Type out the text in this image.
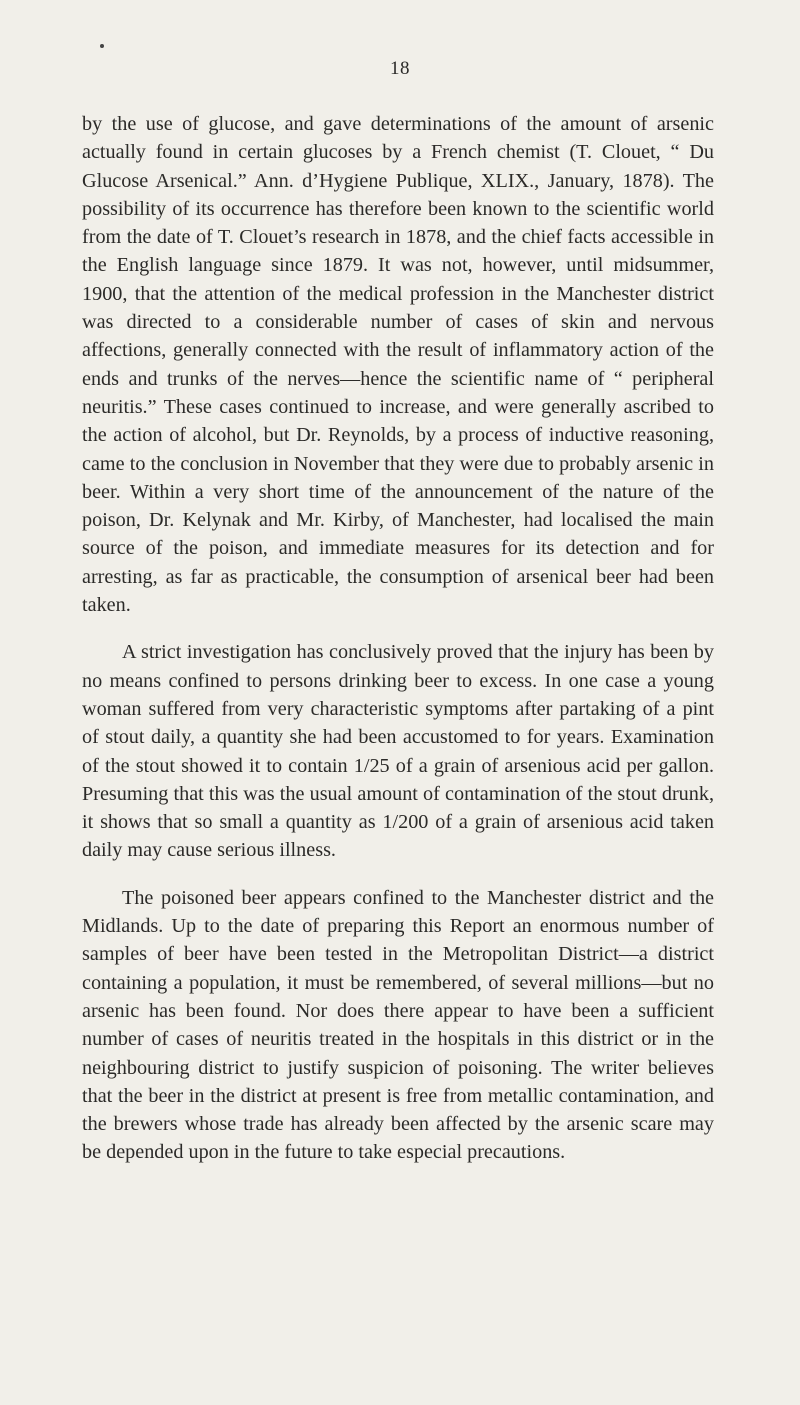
18

by the use of glucose, and gave determinations of the amount of arsenic actually found in certain glucoses by a French chemist (T. Clouet, “ Du Glucose Arsenical.” Ann. d’Hygiene Publique, XLIX., January, 1878). The possibility of its occurrence has therefore been known to the scientific world from the date of T. Clouet’s research in 1878, and the chief facts accessible in the English language since 1879. It was not, however, until midsummer, 1900, that the attention of the medical profession in the Manchester district was directed to a considerable number of cases of skin and nervous affections, generally connected with the result of inflammatory action of the ends and trunks of the nerves—hence the scientific name of “ peripheral neuritis.” These cases continued to increase, and were generally ascribed to the action of alcohol, but Dr. Reynolds, by a process of inductive reasoning, came to the conclusion in November that they were due to probably arsenic in beer. Within a very short time of the announcement of the nature of the poison, Dr. Kelynak and Mr. Kirby, of Manchester, had localised the main source of the poison, and immediate measures for its detection and for arresting, as far as practicable, the consumption of arsenical beer had been taken.

A strict investigation has conclusively proved that the injury has been by no means confined to persons drinking beer to excess. In one case a young woman suffered from very characteristic symptoms after partaking of a pint of stout daily, a quantity she had been accustomed to for years. Examination of the stout showed it to contain 1/25 of a grain of arsenious acid per gallon. Presuming that this was the usual amount of contamination of the stout drunk, it shows that so small a quantity as 1/200 of a grain of arsenious acid taken daily may cause serious illness.

The poisoned beer appears confined to the Manchester district and the Midlands. Up to the date of preparing this Report an enormous number of samples of beer have been tested in the Metropolitan District—a district containing a population, it must be remembered, of several millions—but no arsenic has been found. Nor does there appear to have been a sufficient number of cases of neuritis treated in the hospitals in this district or in the neighbouring district to justify suspicion of poisoning. The writer believes that the beer in the district at present is free from metallic contamination, and the brewers whose trade has already been affected by the arsenic scare may be depended upon in the future to take especial precautions.
